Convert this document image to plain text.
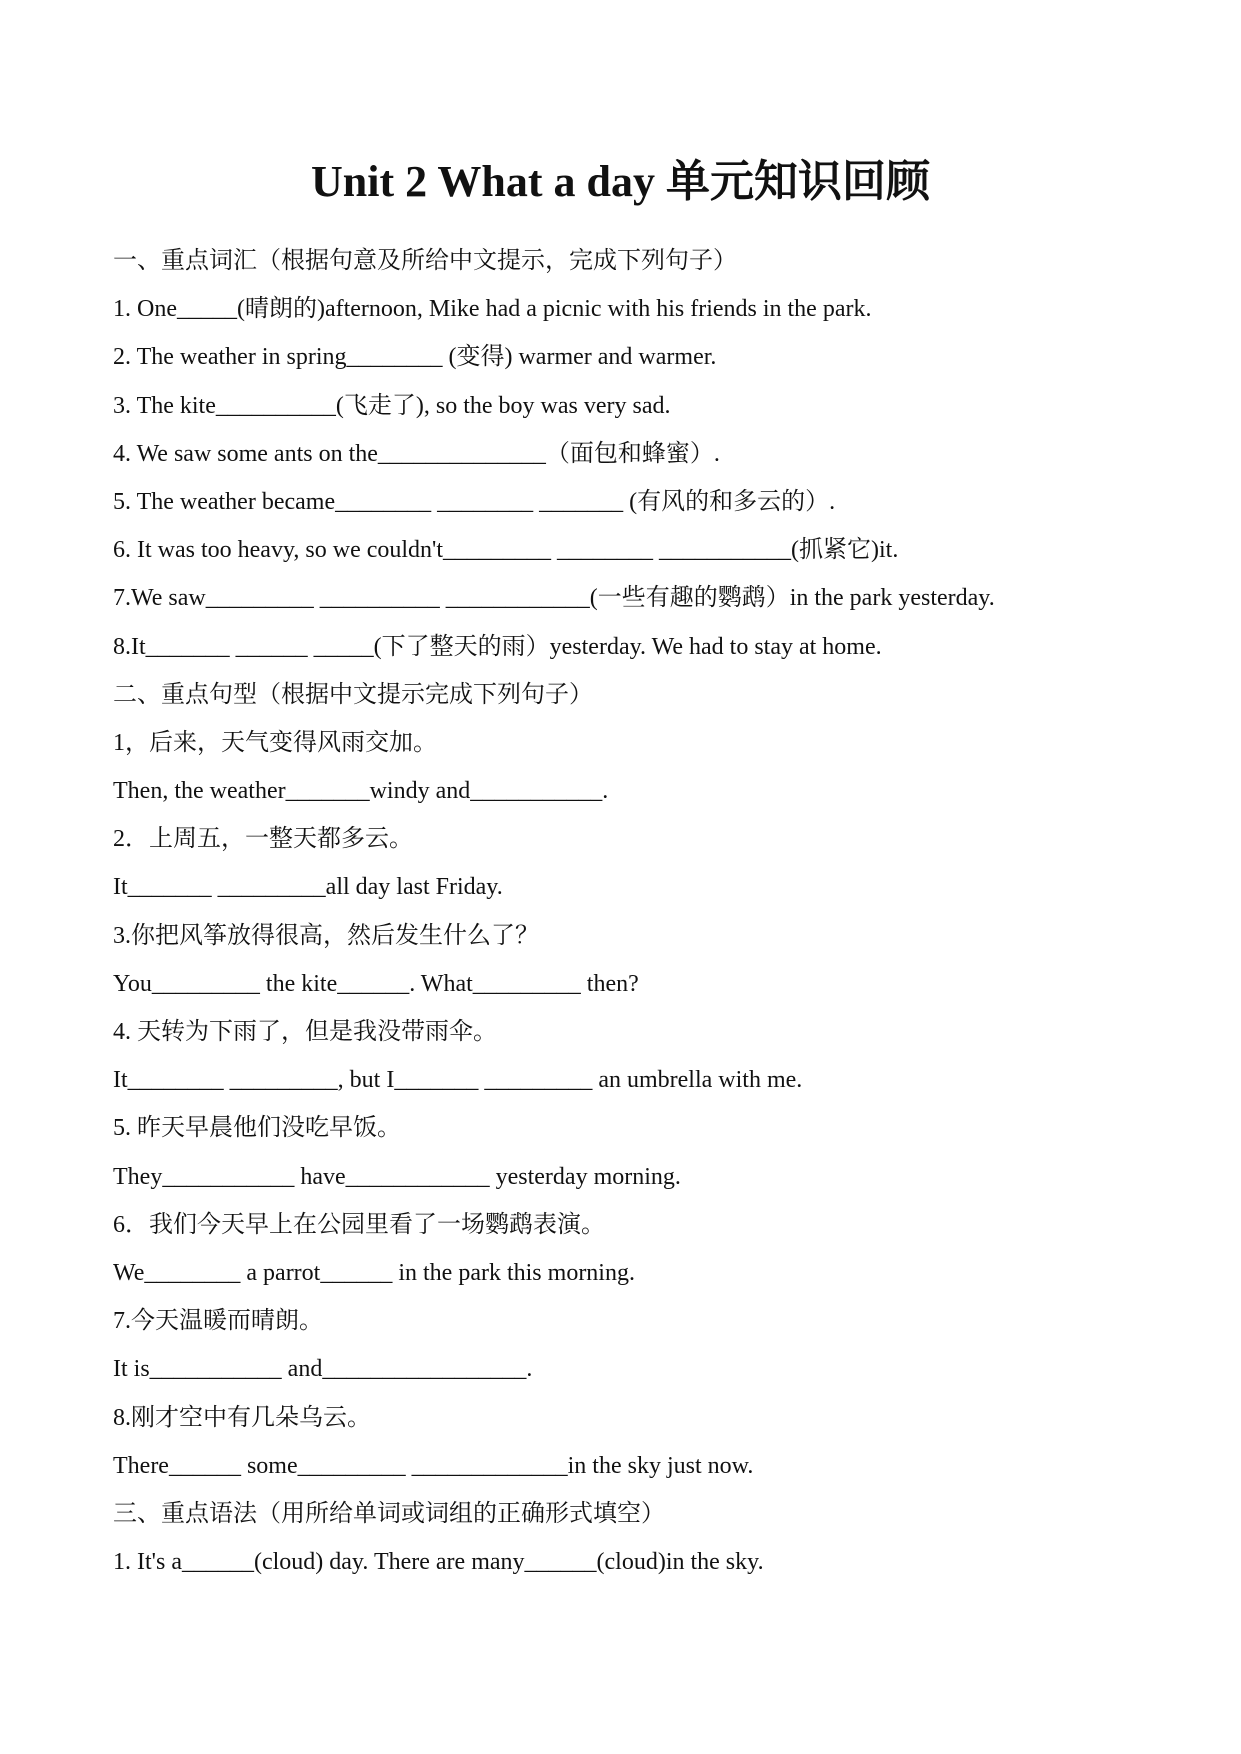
Unit 2 What a day 单元知识回顾

一、重点词汇（根据句意及所给中文提示，完成下列句子）

1. One_____(晴朗的)afternoon, Mike had a picnic with his friends in the park.

2. The weather in spring________ (变得) warmer and warmer.

3. The kite__________(飞走了), so the boy was very sad.

4. We saw some ants on the______________（面包和蜂蜜）.

5. The weather became________ ________ _______ (有风的和多云的）.

6. It was too heavy, so we couldn't_________ ________ ___________(抓紧它)it.

7.We saw_________ __________ ____________(一些有趣的鹦鹉）in the park yesterday.

8.It_______ ______ _____(下了整天的雨）yesterday. We had to stay at home.

二、重点句型（根据中文提示完成下列句子）

1，后来，天气变得风雨交加。

Then, the weather_______windy and___________.

2．上周五，一整天都多云。

It_______ _________all day last Friday.

3.你把风筝放得很高，然后发生什么了？

You_________ the kite______. What_________ then?

4. 天转为下雨了，但是我没带雨伞。

It________ _________, but I_______ _________ an umbrella with me.

5. 昨天早晨他们没吃早饭。

They___________ have____________ yesterday morning.

6．我们今天早上在公园里看了一场鹦鹉表演。

We________ a parrot______ in the park this morning.

7.今天温暖而晴朗。

It is___________ and_________________.

8.刚才空中有几朵乌云。

There______ some_________ _____________in the sky just now.

三、重点语法（用所给单词或词组的正确形式填空）

1. It's a______(cloud) day. There are many______(cloud)in the sky.
